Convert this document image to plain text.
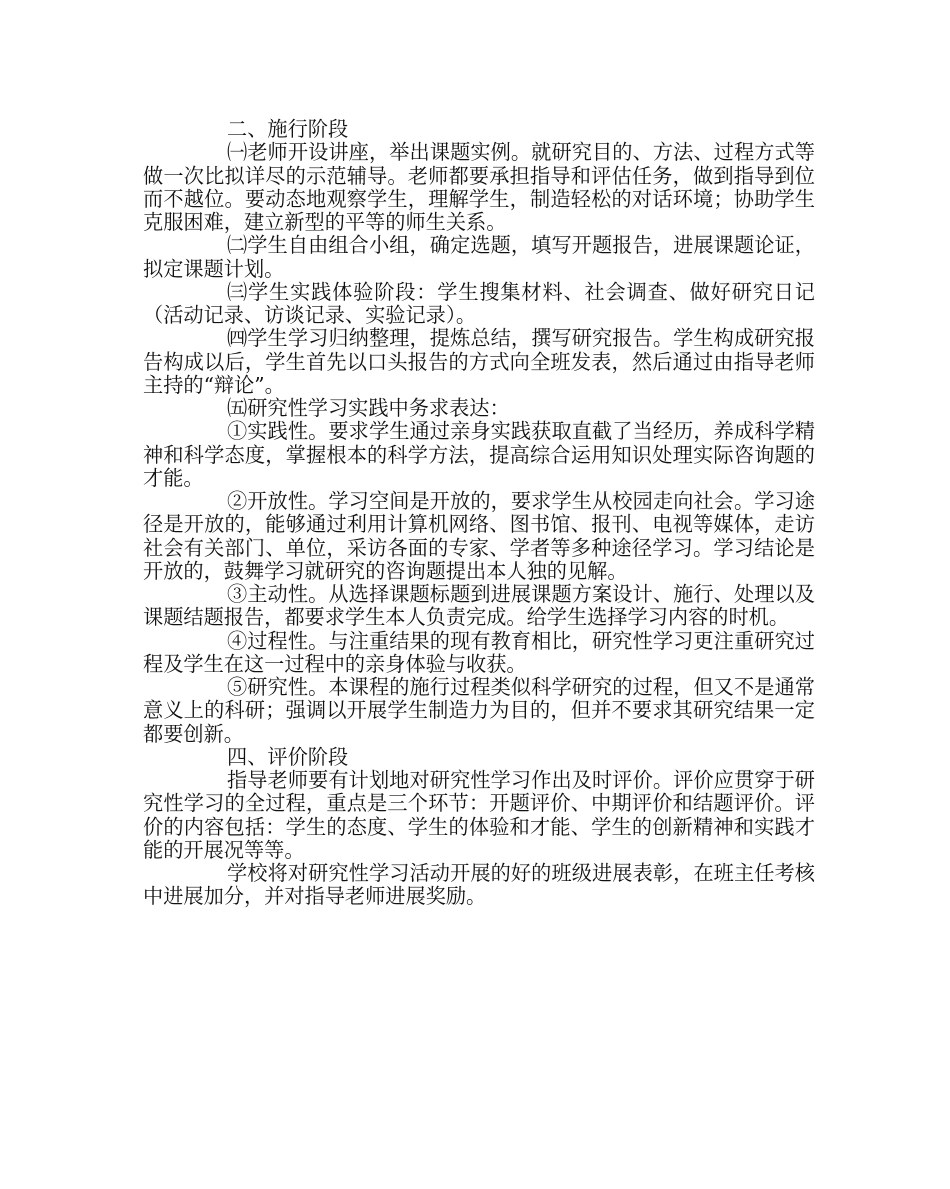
二、施行阶段

㈠老师开设讲座，举出课题实例。就研究目的、方法、过程方式等做一次比拟详尽的示范辅导。老师都要承担指导和评估任务，做到指导到位而不越位。要动态地观察学生，理解学生，制造轻松的对话环境；协助学生克服困难，建立新型的平等的师生关系。

㈡学生自由组合小组，确定选题，填写开题报告，进展课题论证，拟定课题计划。

㈢学生实践体验阶段：学生搜集材料、社会调查、做好研究日记（活动记录、访谈记录、实验记录）。

㈣学生学习归纳整理，提炼总结，撰写研究报告。学生构成研究报告构成以后，学生首先以口头报告的方式向全班发表，然后通过由指导老师主持的“辩论”。

㈤研究性学习实践中务求表达：

①实践性。要求学生通过亲身实践获取直截了当经历，养成科学精神和科学态度，掌握根本的科学方法，提高综合运用知识处理实际咨询题的才能。

②开放性。学习空间是开放的，要求学生从校园走向社会。学习途径是开放的，能够通过利用计算机网络、图书馆、报刊、电视等媒体，走访社会有关部门、单位，采访各面的专家、学者等多种途径学习。学习结论是开放的，鼓舞学习就研究的咨询题提出本人独的见解。

③主动性。从选择课题标题到进展课题方案设计、施行、处理以及课题结题报告，都要求学生本人负责完成。给学生选择学习内容的时机。

④过程性。与注重结果的现有教育相比，研究性学习更注重研究过程及学生在这一过程中的亲身体验与收获。

⑤研究性。本课程的施行过程类似科学研究的过程，但又不是通常意义上的科研；强调以开展学生制造力为目的，但并不要求其研究结果一定都要创新。

四、评价阶段

指导老师要有计划地对研究性学习作出及时评价。评价应贯穿于研究性学习的全过程，重点是三个环节：开题评价、中期评价和结题评价。评价的内容包括：学生的态度、学生的体验和才能、学生的创新精神和实践才能的开展况等等。

学校将对研究性学习活动开展的好的班级进展表彰，在班主任考核中进展加分，并对指导老师进展奖励。
